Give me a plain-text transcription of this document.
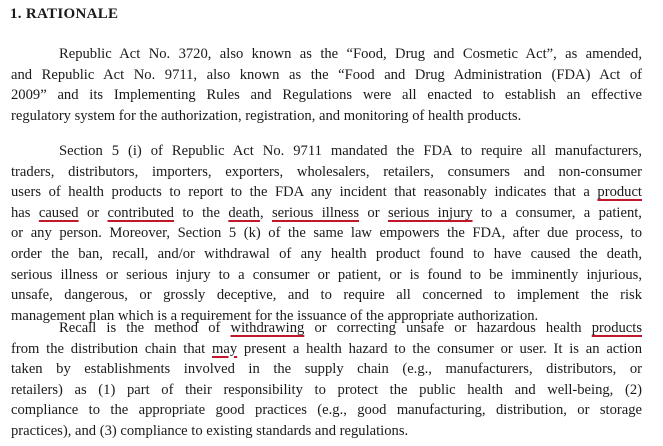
1. RATIONALE
Republic Act No. 3720, also known as the “Food, Drug and Cosmetic Act”, as amended,
and Republic Act No. 9711, also known as the “Food and Drug Administration (FDA) Act of
2009” and its Implementing Rules and Regulations were all enacted to establish an effective
regulatory system for the authorization, registration, and monitoring of health products.
Section 5 (i) of Republic Act No. 9711 mandated the FDA to require all manufacturers,
traders, distributors, importers, exporters, wholesalers, retailers, consumers and non-consumer
users of health products to report to the FDA any incident that reasonably indicates that a product
has caused or contributed to the death, serious illness or serious injury to a consumer, a patient,
or any person. Moreover, Section 5 (k) of the same law empowers the FDA, after due process, to
order the ban, recall, and/or withdrawal of any health product found to have caused the death,
serious illness or serious injury to a consumer or patient, or is found to be imminently injurious,
unsafe, dangerous, or grossly deceptive, and to require all concerned to implement the risk
management plan which is a requirement for the issuance of the appropriate authorization.
Recall is the method of withdrawing or correcting unsafe or hazardous health products
from the distribution chain that may present a health hazard to the consumer or user. It is an action
taken by establishments involved in the supply chain (e.g., manufacturers, distributors, or
retailers) as (1) part of their responsibility to protect the public health and well-being, (2)
compliance to the appropriate good practices (e.g., good manufacturing, distribution, or storage
practices), and (3) compliance to existing standards and regulations.
